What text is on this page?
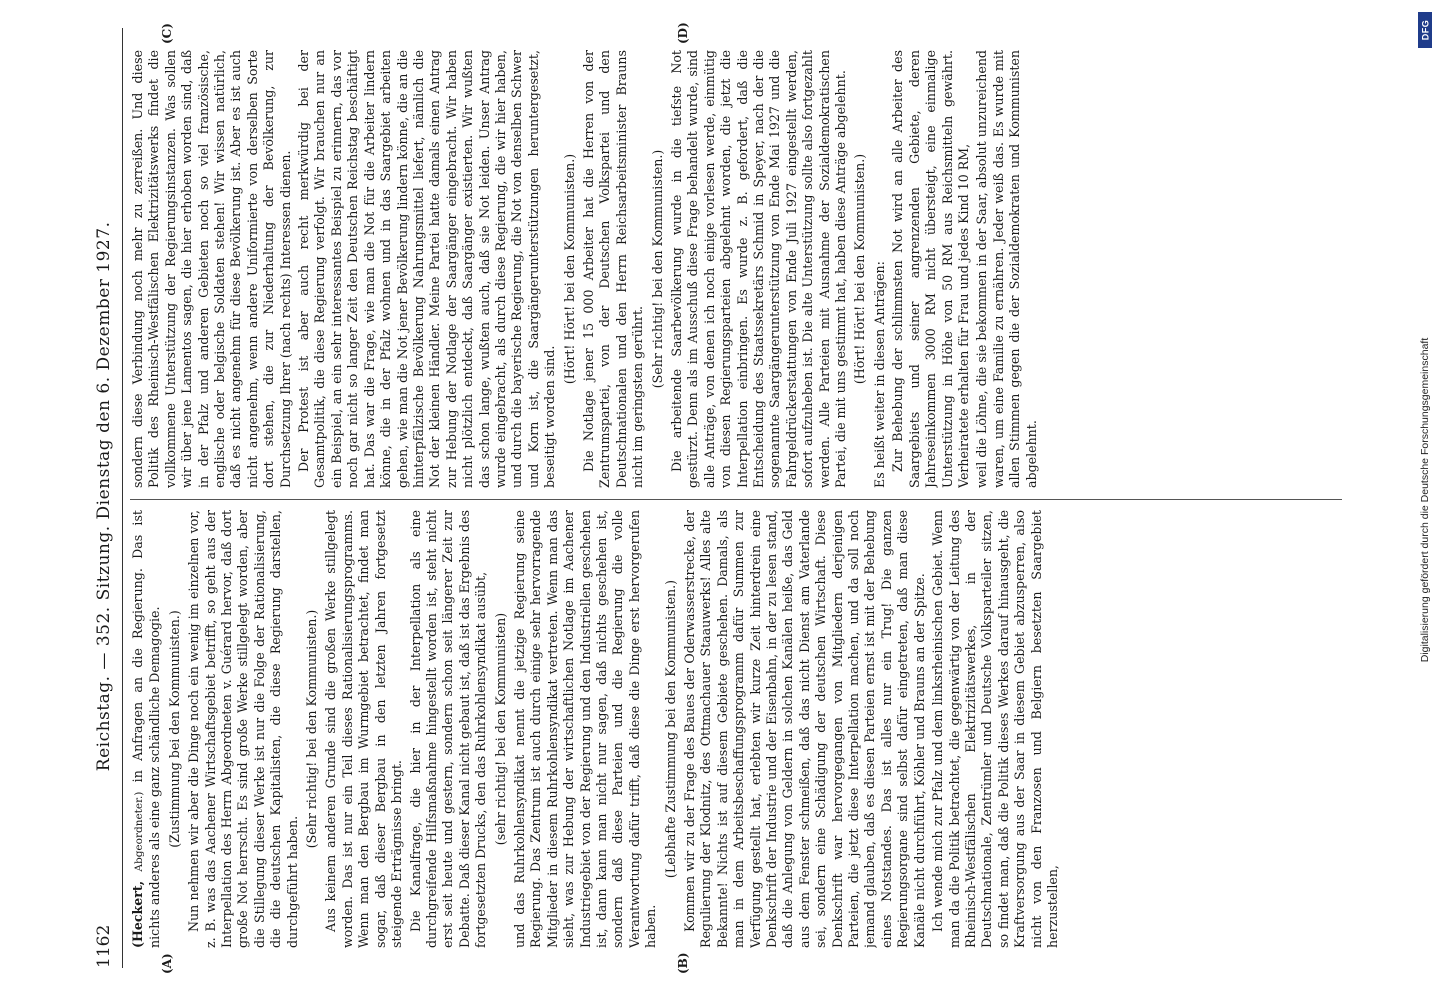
1162
Reichstag. — 352. Sitzung. Dienstag den 6. Dezember 1927.
(A)	(B)
(C)	(D)

(Heckert, Abgeordneter.) in Anfragen an die Regierung. Das ist nichts anderes als eine ganz schändliche Demagogie. (Zustimmung bei den Kommunisten.) Nun nehmen wir aber die Dinge noch ein wenig im einzelnen vor, z. B. was das Aachener Wirtschaftsgebiet betrifft, so geht aus der Interpellation des Herrn Abgeordneten v. Guérard hervor, daß dort große Not herrscht. Es sind große Werke stillgelegt worden, aber die Stillegung dieser Werke ist nur die Folge der Rationalisierung, die die deutschen Kapitalisten, die diese Regierung darstellen, durchgeführt haben.

(Sehr richtig! bei den Kommunisten.) Aus keinem anderen Grunde sind die großen Werke stillgelegt worden. Das ist nur ein Teil dieses Rationalisierungsprogramms. Wenn man den Bergbau im Wurmgebiet betrachtet, findet man sogar, daß dieser Bergbau in den letzten Jahren fortgesetzt steigende Erträgnisse bringt. Die Kanalfrage, die hier in der Interpellation als eine durchgreifende Hilfsmaßnahme hingestellt worden ist, steht nicht erst seit heute und gestern, sondern schon seit längerer Zeit zur Debatte. Daß dieser Kanal nicht gebaut ist, daß ist das Ergebnis des fortgesetzten Drucks, den das Ruhrkohlensyndikat ausübt, (sehr richtig! bei den Kommunisten) und das Ruhrkohlensyndikat nennt die jetzige Regierung seine Regierung. Das Zentrum ist auch durch einige sehr hervorragende Mitglieder in diesem Ruhrkohlensyndikat vertreten. Wenn man das sieht, was zur Hebung der wirtschaftlichen Notlage im Aachener Industriegebiet von der Regierung und den Industriellen geschehen ist, dann kann man nicht nur sagen, daß nichts geschehen ist, sondern daß diese Parteien und die Regierung die volle Verantwortung dafür trifft, daß diese die Dinge erst hervorgerufen haben.

(Lebhafte Zustimmung bei den Kommunisten.) Kommen wir zu der Frage des Baues der Oderwasserstrecke, der Regulierung der Klodnitz, des Ottmachauer Staauwerks! Alles alte Bekannte! Nichts ist auf diesem Gebiete geschehen. Damals, als man in dem Arbeitsbeschaffungsprogramm dafür Summen zur Verfügung gestellt hat, erlebten wir kurze Zeit hinterdrein eine Denkschrift der Industrie und der Eisenbahn, in der zu lesen stand, daß die Anlegung von Geldern in solchen Kanälen heiße, das Geld aus dem Fenster schmeißen, daß das nicht Dienst am Vaterlande sei, sondern eine Schädigung der deutschen Wirtschaft. Diese Denkschrift war hervorgegangen von Mitgliedern derjenigen Parteien, die jetzt diese Interpellation machen, und da soll noch jemand glauben, daß es diesen Parteien ernst ist mit der Behebung eines Notstandes. Das ist alles nur ein Trug! Die ganzen Regierungsorgane sind selbst dafür eingetreten, daß man diese Kanäle nicht durchführt, Köhler und Brauns an der Spitze. Ich wende mich zur Pfalz und dem linksrheinischen Gebiet. Wenn man da die Politik betrachtet, die gegenwärtig von der Leitung des Rheinisch-Westfälischen Elektrizitätswerkes, in der Deutschnationale, Zentrümler und Deutsche Volksparteiler sitzen, so findet man, daß die Politik dieses Werkes darauf hinausgeht, die Kraftversorgung aus der Saar in diesem Gebiet abzusperren, also nicht von den Franzosen und Belgiern besetzten Saargebiet herzustellen,

sondern diese Verbindung noch mehr zu zerreißen. Und diese Politik des Rheinisch-Westfälischen Elektrizitätswerks findet die vollkommene Unterstützung der Regierungsinstanzen. Was sollen wir über jene Lamentos sagen, die hier erhoben worden sind, daß in der Pfalz und anderen Gebieten noch so viel französische, englische oder belgische Soldaten stehen! Wir wissen natürlich, daß es nicht angenehm für diese Bevölkerung ist. Aber es ist auch nicht angenehm, wenn andere Uniformierte von derselben Sorte dort stehen, die zur Niederhaltung der Bevölkerung, zur Durchsetzung Ihrer (nach rechts) Interessen dienen. Der Protest ist aber auch recht merkwürdig bei der Gesamtpolitik, die diese Regierung verfolgt. Wir brauchen nur an ein Beispiel, an ein sehr interessantes Beispiel zu erinnern, das vor noch gar nicht so langer Zeit den Deutschen Reichstag beschäftigt hat. Das war die Frage, wie man die Not für die Arbeiter lindern könne, die in der Pfalz wohnen und in das Saargebiet arbeiten gehen, wie man die Not jener Bevölkerung lindern könne, die an die hinterpfälzische Bevölkerung Nahrungsmittel liefert, nämlich die Not der kleinen Händler. Meine Partei hatte damals einen Antrag zur Hebung der Notlage der Saargänger eingebracht. Wir haben nicht plötzlich entdeckt, daß Saargänger existierten. Wir wußten das schon lange, wußten auch, daß sie Not leiden. Unser Antrag wurde eingebracht, als durch diese Regierung, die wir hier haben, und durch die bayerische Regierung, die Not von denselben Schwer und Korn ist, die Saargängerunterstützungen heruntergesetzt, beseitigt worden sind.

(Hört! Hört! bei den Kommunisten.) Die Notlage jener 15 000 Arbeiter hat die Herren von der Zentrumspartei, von der Deutschen Volkspartei und den Deutschnationalen und den Herrn Reichsarbeitsminister Brauns nicht im geringsten gerührt.

(Sehr richtig! bei den Kommunisten.) Die arbeitende Saarbevölkerung wurde in die tiefste Not gestürzt. Denn als im Ausschuß diese Frage behandelt wurde, sind alle Anträge, von denen ich noch einige vorlesen werde, einmütig von diesen Regierungsparteien abgelehnt worden, die jetzt die Interpellation einbringen. Es wurde z. B. gefordert, daß die Entscheidung des Staatssekretärs Schmid in Speyer, nach der die sogenannte Saargängerunterstützung von Ende Mai 1927 und die Fahrgeldrückerstattungen von Ende Juli 1927 eingestellt werden, sofort aufzuheben ist. Die alte Unterstützung sollte also fortgezahlt werden. Alle Parteien mit Ausnahme der Sozialdemokratischen Partei, die mit uns gestimmt hat, haben diese Anträge abgelehnt. (Hört! Hört! bei den Kommunisten.) Es heißt weiter in diesen Anträgen: Zur Behebung der schlimmsten Not wird an alle Arbeiter des Saargebiets und seiner angrenzenden Gebiete, deren Jahreseinkommen 3000 RM nicht übersteigt, eine einmalige Unterstützung in Höhe von 50 RM aus Reichsmitteln gewährt. Verheiratete erhalten für Frau und jedes Kind 10 RM, weil die Löhne, die sie bekommen in der Saar, absolut unzureichend waren, um eine Familie zu ernähren. Jeder weiß das. Es wurde mit allen Stimmen gegen die der Sozialdemokraten und Kommunisten abgelehnt.

DFG
Digitalisierung gefördert durch die Deutsche Forschungsgemeinschaft
